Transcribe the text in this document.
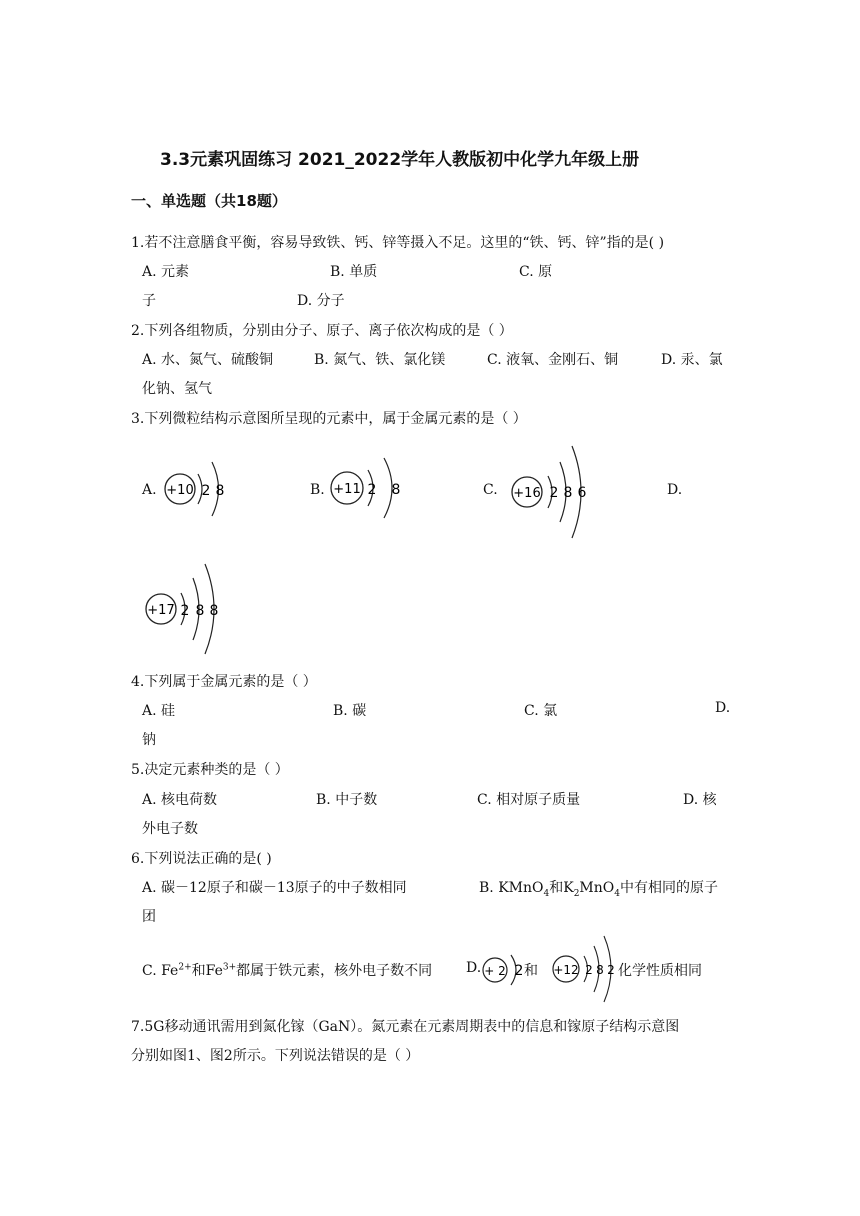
3.3元素巩固练习 2021_2022学年人教版初中化学九年级上册
一、单选题（共18题）
1.若不注意膳食平衡，容易导致铁、钙、锌等摄入不足。这里的“铁、钙、锌”指的是( )
A. 元素	B. 单质	C. 原
子	D. 分子
2.下列各组物质，分别由分子、原子、离子依次构成的是（ ）
A. 水、氮气、硫酸铜	B. 氮气、铁、氯化镁	C. 液氧、金刚石、铜	D. 汞、氯
化钠、氢气
3.下列微粒结构示意图所呈现的元素中，属于金属元素的是（ ）
A.	B.	C.	D.
+10 2 8	+11 2 8	+16 2 8 6
+17 2 8 8
4.下列属于金属元素的是（ ）
A. 硅	B. 碳	C. 氯	D.
钠
5.决定元素种类的是（ ）
A. 核电荷数	B. 中子数	C. 相对原子质量	D. 核
外电子数
6.下列说法正确的是( )
A. 碳－12原子和碳－13原子的中子数相同	B. KMnO$_4$和$K_2MnO_4$中有相同的原子
团
C. $Fe^{2+}$和$Fe^{3+}$都属于铁元素，核外电子数不同 D. + 2 2 和 +12 2 8 2 化学性质相同
7.5G移动通讯需用到氮化镓（GaN）。氮元素在元素周期表中的信息和镓原子结构示意图
分别如图1、图2所示。下列说法错误的是（ ）
